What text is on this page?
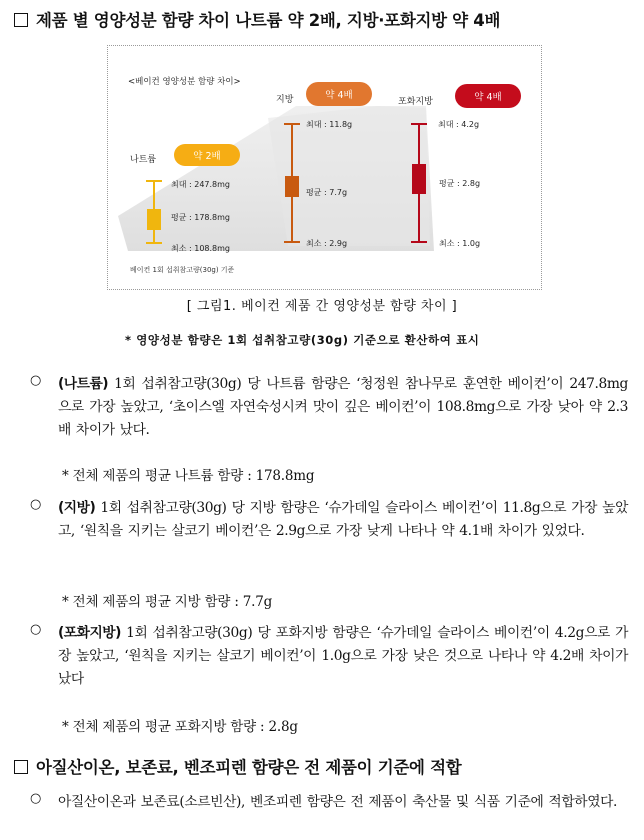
제품 별 영양성분 함량 차이 나트륨 약 2배, 지방·포화지방 약 4배
<베이컨 영양성분 함량 차이>
나트륨	약 2배
최대 : 247.8mg
평균 : 178.8mg
최소 : 108.8mg
지방	약 4배
최대 : 11.8g
평균 : 7.7g
최소 : 2.9g
포화지방	약 4배
최대 : 4.2g
평균 : 2.8g
최소 : 1.0g
베이컨 1회 섭취참고량(30g) 기준
[ 그림1. 베이컨 제품 간 영양성분 함량 차이 ]
* 영양성분 함량은 1회 섭취참고량(30g) 기준으로 환산하여 표시
○ (나트륨) 1회 섭취참고량(30g) 당 나트륨 함량은 ‘청정원 참나무로 훈연한 베이컨’이 247.8mg으로 가장 높았고, ‘초이스엘 자연숙성시켜 맛이 깊은 베이컨’이 108.8mg으로 가장 낮아 약 2.3배 차이가 났다.

* 전체 제품의 평균 나트륨 함량 : 178.8mg
○ (지방) 1회 섭취참고량(30g) 당 지방 함량은 ‘슈가데일 슬라이스 베이컨’이 11.8g으로 가장 높았고, ‘원칙을 지키는 살코기 베이컨’은 2.9g으로 가장 낮게 나타나 약 4.1배 차이가 있었다.

* 전체 제품의 평균 지방 함량 : 7.7g
○ (포화지방) 1회 섭취참고량(30g) 당 포화지방 함량은 ‘슈가데일 슬라이스 베이컨’이 4.2g으로 가장 높았고, ‘원칙을 지키는 살코기 베이컨’이 1.0g으로 가장 낮은 것으로 나타나 약 4.2배 차이가 났다

* 전체 제품의 평균 포화지방 함량 : 2.8g
아질산이온, 보존료, 벤조피렌 함량은 전 제품이 기준에 적합
○ 아질산이온과 보존료(소르빈산), 벤조피렌 함량은 전 제품이 축산물 및 식품 기준에 적합하였다.
